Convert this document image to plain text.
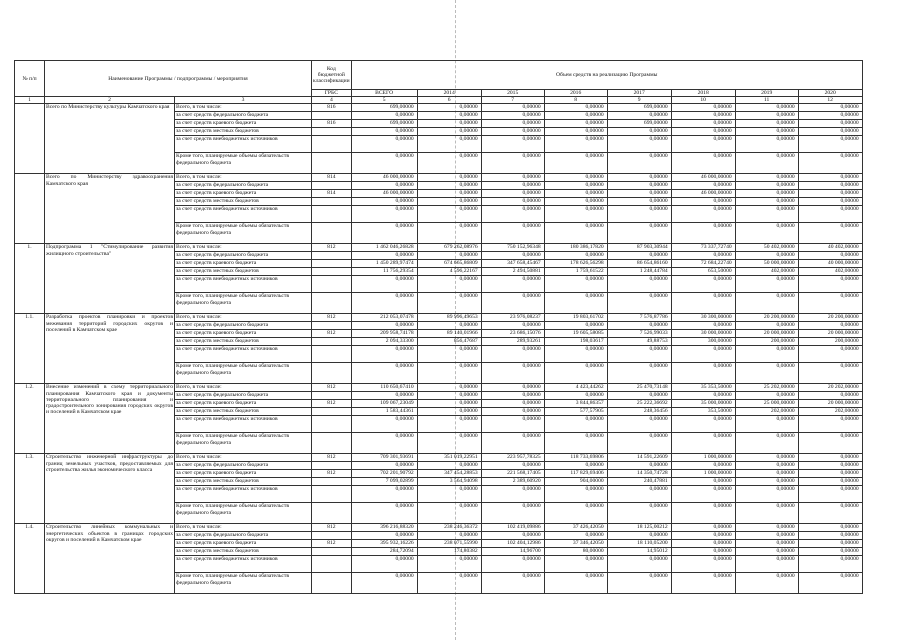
№ п/п	Наименование Программы / подпрограммы / мероприятия		Код бюджетной классификации	Объем средств на реализацию Программы							
			ГРБС	ВСЕГО	2014	2015	2016	2017	2018	2019	2020
1	2	3	4	5	6	7	8	9	10	11	12
	Всего по Министерству культуры Камчатского края	Всего, в том числе:	816	699,00000	0,00000	0,00000	0,00000	699,00000	0,00000	0,00000	0,00000
		за счет средств федерального бюджета		0,00000	0,00000	0,00000	0,00000	0,00000	0,00000	0,00000	0,00000
		за счет средств краевого бюджета	816	699,00000	0,00000	0,00000	0,00000	699,00000	0,00000	0,00000	0,00000
		за счет средств местных бюджетов		0,00000	0,00000	0,00000	0,00000	0,00000	0,00000	0,00000	0,00000
		за счет средств внебюджетных источников		0,00000	0,00000	0,00000	0,00000	0,00000	0,00000	0,00000	0,00000
		Кроме того, планируемые объемы обязательств федерального бюджета		0,00000	0,00000	0,00000	0,00000	0,00000	0,00000	0,00000	0,00000
	Всего по Министерству здравоохранения Камчатского края	Всего, в том числе:	814	46 000,00000	0,00000	0,00000	0,00000	0,00000	46 000,00000	0,00000	0,00000
		за счет средств федерального бюджета		0,00000	0,00000	0,00000	0,00000	0,00000	0,00000	0,00000	0,00000
		за счет средств краевого бюджета	814	46 000,00000	0,00000	0,00000	0,00000	0,00000	46 000,00000	0,00000	0,00000
		за счет средств местных бюджетов		0,00000	0,00000	0,00000	0,00000	0,00000	0,00000	0,00000	0,00000
		за счет средств внебюджетных источников		0,00000	0,00000	0,00000	0,00000	0,00000	0,00000	0,00000	0,00000
		Кроме того, планируемые объемы обязательств федерального бюджета		0,00000	0,00000	0,00000	0,00000	0,00000	0,00000	0,00000	0,00000
1.	Подпрограмма 1 "Стимулирование развития жилищного строительства"	Всего, в том числе:	812	1 462 046,26828	679 262,08976	750 152,96348	180 386,17820	87 903,30944	73 337,72740	50 402,00000	40 402,00000
		за счет средств федерального бюджета		0,00000	0,00000	0,00000	0,00000	0,00000	0,00000	0,00000	0,00000
		за счет средств краевого бюджета		1 450 289,97474	674 665,86809	347 658,45467	178 626,56298	86 654,86160	72 684,22740	50 000,00000	40 000,00000
		за счет средств местных бюджетов		11 756,29354	4 596,22167	2 494,50881	1 759,61522	1 248,44784	653,50000	402,00000	402,00000
		за счет средств внебюджетных источников		0,00000	0,00000	0,00000	0,00000	0,00000	0,00000	0,00000	0,00000
		Кроме того, планируемые объемы обязательств федерального бюджета		0,00000	0,00000	0,00000	0,00000	0,00000	0,00000	0,00000	0,00000
1.1.	Разработка проектов планировки и проектов межевания территорий городских округов и поселений в Камчатском крае	Всего, в том числе:	812	212 053,07478	89 996,49653	23 976,08237	19 803,61702	7 576,87786	30 300,00000	20 200,00000	20 200,00000
		за счет средств федерального бюджета		0,00000	0,00000	0,00000	0,00000	0,00000	0,00000	0,00000	0,00000
		за счет средств краевого бюджета	812	209 958,74178	89 140,01966	23 686,15076	19 605,58085	7 526,99033	30 000,00000	20 000,00000	20 000,00000
		за счет средств местных бюджетов		2 094,33300	856,47687	289,93261	198,03617	49,88753	300,00000	200,00000	200,00000
		за счет средств внебюджетных источников		0,00000	0,00000	0,00000	0,00000	0,00000	0,00000	0,00000	0,00000
		Кроме того, планируемые объемы обязательств федерального бюджета		0,00000	0,00000	0,00000	0,00000	0,00000	0,00000	0,00000	0,00000
1.2.	Внесение изменений в схему территориального планирования Камчатского края и документы территориального планирования и градостроительного зонирования городских округов и поселений в Камчатском крае	Всего, в том числе:	812	110 650,67410	0,00000	0,00000	4 423,44262	25 470,73148	35 353,50000	25 202,00000	20 202,00000
		за счет средств федерального бюджета		0,00000	0,00000	0,00000	0,00000	0,00000	0,00000	0,00000	0,00000
		за счет средств краевого бюджета	812	109 067,23049	0,00000	0,00000	3 844,86357	25 222,36692	35 000,00000	25 000,00000	20 000,00000
		за счет средств местных бюджетов		1 583,44361	0,00000	0,00000	577,57905	248,36456	353,50000	202,00000	202,00000
		за счет средств внебюджетных источников		0,00000	0,00000	0,00000	0,00000	0,00000	0,00000	0,00000	0,00000
		Кроме того, планируемые объемы обязательств федерального бюджета		0,00000	0,00000	0,00000	0,00000	0,00000	0,00000	0,00000	0,00000
1.3.	Строительство инженерной инфраструктуры до границ земельных участков, предоставляемых для строительства жилья экономического класса	Всего, в том числе:	812	709 301,93691	351 019,22951	223 957,78325	118 733,69806	14 591,22609	1 000,00000	0,00000	0,00000
		за счет средств федерального бюджета		0,00000	0,00000	0,00000	0,00000	0,00000	0,00000	0,00000	0,00000
		за счет средств краевого бюджета	812	702 201,90792	347 454,28853	221 568,17405	117 829,69406	14 350,74728	1 000,00000	0,00000	0,00000
		за счет средств местных бюджетов		7 099,02899	3 564,94098	2 389,60920	904,00000	240,47881	0,00000	0,00000	0,00000
		за счет средств внебюджетных источников		0,00000	0,00000	0,00000	0,00000	0,00000	0,00000	0,00000	0,00000
		Кроме того, планируемые объемы обязательств федерального бюджета		0,00000	0,00000	0,00000	0,00000	0,00000	0,00000	0,00000	0,00000
1.4.	Строительство линейных коммунальных и энергетических объектов в границах городских округов и поселений в Камчатском крае	Всего, в том числе:	812	396 216,88320	238 246,36372	102 419,09886	37 426,42050	18 125,00212	0,00000	0,00000	0,00000
		за счет средств федерального бюджета		0,00000	0,00000	0,00000	0,00000	0,00000	0,00000	0,00000	0,00000
		за счет средств краевого бюджета	812	395 932,16226	238 071,55990	102 404,12986	37 346,42050	18 110,05200	0,00000	0,00000	0,00000
		за счет средств местных бюджетов		284,72094	174,80382	14,96700	80,00000	14,95012	0,00000	0,00000	0,00000
		за счет средств внебюджетных источников		0,00000	0,00000	0,00000	0,00000	0,00000	0,00000	0,00000	0,00000
		Кроме того, планируемые объемы обязательств федерального бюджета		0,00000	0,00000	0,00000	0,00000	0,00000	0,00000	0,00000	0,00000
